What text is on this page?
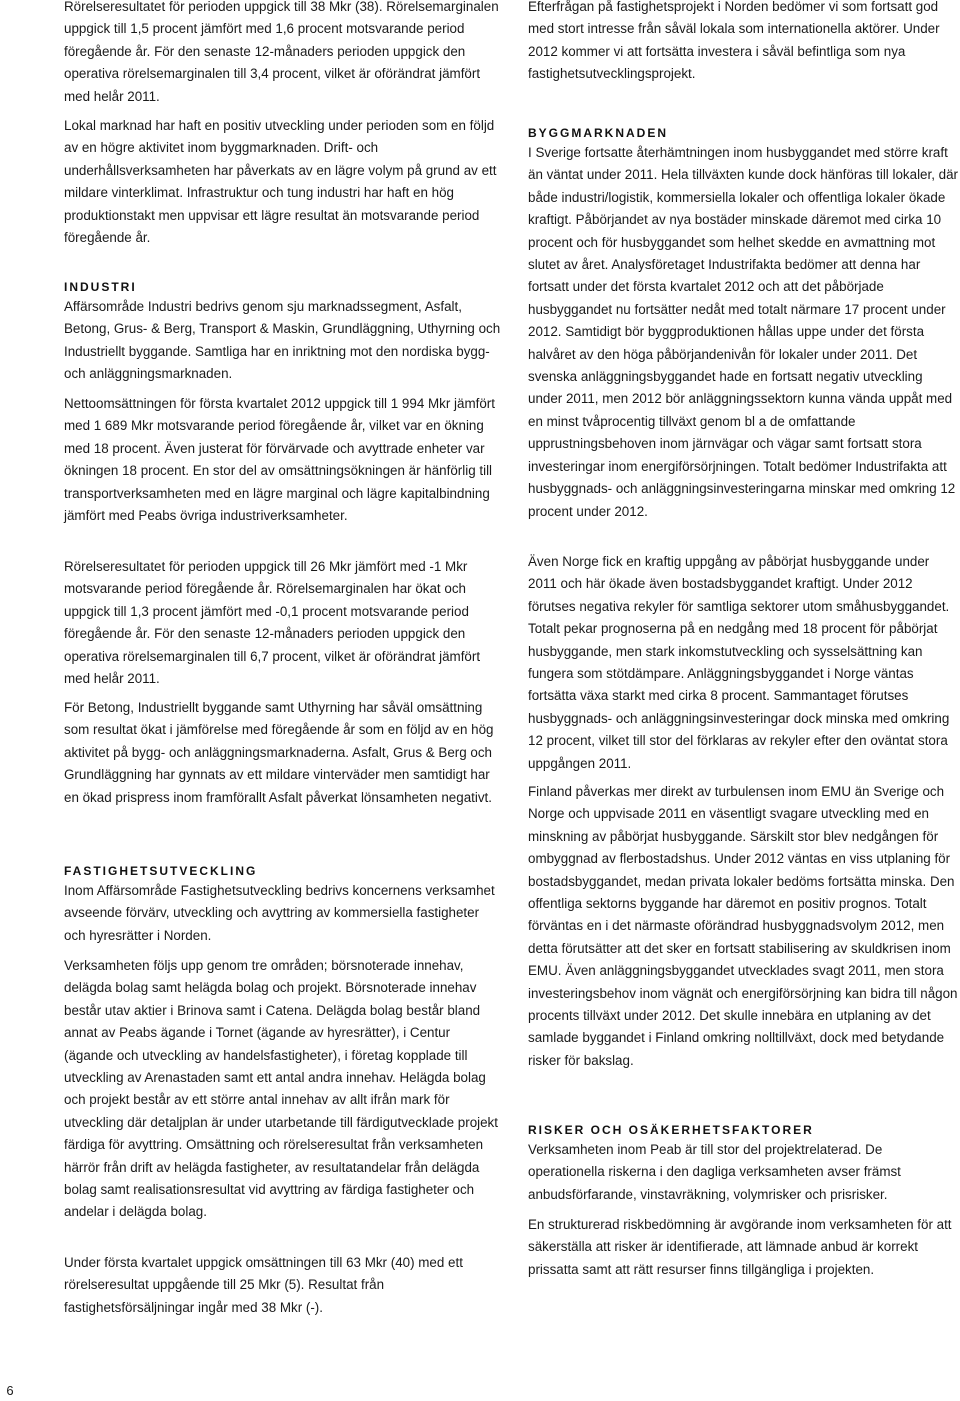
Rörelseresultatet för perioden uppgick till 38 Mkr (38). Rörelsemarginalen uppgick till 1,5 procent jämfört med 1,6 procent motsvarande period föregående år. För den senaste 12-månaders perioden uppgick den operativa rörelsemarginalen till 3,4 procent, vilket är oförändrat jämfört med helår 2011.

Lokal marknad har haft en positiv utveckling under perioden som en följd av en högre aktivitet inom byggmarknaden. Drift- och underhållsverksamheten har påverkats av en lägre volym på grund av ett mildare vinterklimat. Infrastruktur och tung industri har haft en hög produktionstakt men uppvisar ett lägre resultat än motsvarande period föregående år.

INDUSTRI

Affärsområde Industri bedrivs genom sju marknadssegment, Asfalt, Betong, Grus- & Berg, Transport & Maskin, Grundläggning, Uthyrning och Industriellt byggande. Samtliga har en inriktning mot den nordiska bygg- och anläggningsmarknaden.

Nettoomsättningen för första kvartalet 2012 uppgick till 1 994 Mkr jämfört med 1 689 Mkr motsvarande period föregående år, vilket var en ökning med 18 procent. Även justerat för förvärvade och avyttrade enheter var ökningen 18 procent. En stor del av omsättningsökningen är hänförlig till transportverksamheten med en lägre marginal och lägre kapitalbindning jämfört med Peabs övriga industriverksamheter.

Rörelseresultatet för perioden uppgick till 26 Mkr jämfört med -1 Mkr motsvarande period föregående år. Rörelsemarginalen har ökat och uppgick till 1,3 procent jämfört med -0,1 procent motsvarande period föregående år. För den senaste 12-månaders perioden uppgick den operativa rörelsemarginalen till 6,7 procent, vilket är oförändrat jämfört med helår 2011.

För Betong, Industriellt byggande samt Uthyrning har såväl omsättning som resultat ökat i jämförelse med föregående år som en följd av en hög aktivitet på bygg- och anläggningsmarknaderna. Asfalt, Grus & Berg och Grundläggning har gynnats av ett mildare vinterväder men samtidigt har en ökad prispress inom framförallt Asfalt påverkat lönsamheten negativt.

FASTIGHETSUTVECKLING

Inom Affärsområde Fastighetsutveckling bedrivs koncernens verksamhet avseende förvärv, utveckling och avyttring av kommersiella fastigheter och hyresrätter i Norden.

Verksamheten följs upp genom tre områden; börsnoterade innehav, delägda bolag samt helägda bolag och projekt. Börsnoterade innehav består utav aktier i Brinova samt i Catena. Delägda bolag består bland annat av Peabs ägande i Tornet (ägande av hyresrätter), i Centur (ägande och utveckling av handelsfastigheter), i företag kopplade till utveckling av Arenastaden samt ett antal andra innehav. Helägda bolag och projekt består av ett större antal innehav av allt ifrån mark för utveckling där detaljplan är under utarbetande till färdigutvecklade projekt färdiga för avyttring. Omsättning och rörelseresultat från verksamheten härrör från drift av helägda fastigheter, av resultatandelar från delägda bolag samt realisationsresultat vid avyttring av färdiga fastigheter och andelar i delägda bolag.

Under första kvartalet uppgick omsättningen till 63 Mkr (40) med ett rörelseresultat uppgående till 25 Mkr (5). Resultat från fastighetsförsäljningar ingår med 38 Mkr (-).

Efterfrågan på fastighetsprojekt i Norden bedömer vi som fortsatt god med stort intresse från såväl lokala som internationella aktörer. Under 2012 kommer vi att fortsätta investera i såväl befintliga som nya fastighetsutvecklingsprojekt.

BYGGMARKNADEN

I Sverige fortsatte återhämtningen inom husbyggandet med större kraft än väntat under 2011. Hela tillväxten kunde dock hänföras till lokaler, där både industri/logistik, kommersiella lokaler och offentliga lokaler ökade kraftigt. Påbörjandet av nya bostäder minskade däremot med cirka 10 procent och för husbyggandet som helhet skedde en avmattning mot slutet av året. Analysföretaget Industrifakta bedömer att denna har fortsatt under det första kvartalet 2012 och att det påbörjade husbyggandet nu fortsätter nedåt med totalt närmare 17 procent under 2012. Samtidigt bör byggproduktionen hållas uppe under det första halvåret av den höga påbörjandenivån för lokaler under 2011. Det svenska anläggningsbyggandet hade en fortsatt negativ utveckling under 2011, men 2012 bör anläggningssektorn kunna vända uppåt med en minst tvåprocentig tillväxt genom bl a de omfattande upprustningsbehoven inom järnvägar och vägar samt fortsatt stora investeringar inom energiförsörjningen. Totalt bedömer Industrifakta att husbyggnads- och anläggningsinvesteringarna minskar med omkring 12 procent under 2012.

Även Norge fick en kraftig uppgång av påbörjat husbyggande under 2011 och här ökade även bostadsbyggandet kraftigt. Under 2012 förutses negativa rekyler för samtliga sektorer utom småhusbyggandet. Totalt pekar prognoserna på en nedgång med 18 procent för påbörjat husbyggande, men stark inkomstutveckling och sysselsättning kan fungera som stötdämpare. Anläggningsbyggandet i Norge väntas fortsätta växa starkt med cirka 8 procent. Sammantaget förutses husbyggnads- och anläggningsinvesteringar dock minska med omkring 12 procent, vilket till stor del förklaras av rekyler efter den oväntat stora uppgången 2011.

Finland påverkas mer direkt av turbulensen inom EMU än Sverige och Norge och uppvisade 2011 en väsentligt svagare utveckling med en minskning av påbörjat husbyggande. Särskilt stor blev nedgången för ombyggnad av flerbostadshus. Under 2012 väntas en viss utplaning för bostadsbyggandet, medan privata lokaler bedöms fortsätta minska. Den offentliga sektorns byggande har däremot en positiv prognos. Totalt förväntas en i det närmaste oförändrad husbyggnadsvolym 2012, men detta förutsätter att det sker en fortsatt stabilisering av skuldkrisen inom EMU. Även anläggningsbyggandet utvecklades svagt 2011, men stora investeringsbehov inom vägnät och energiförsörjning kan bidra till någon procents tillväxt under 2012. Det skulle innebära en utplaning av det samlade byggandet i Finland omkring nolltillväxt, dock med betydande risker för bakslag.

RISKER OCH OSÄKERHETSFAKTORER

Verksamheten inom Peab är till stor del projektrelaterad. De operationella riskerna i den dagliga verksamheten avser främst anbudsförfarande, vinstavräkning, volymrisker och prisrisker.

En strukturerad riskbedömning är avgörande inom verksamheten för att säkerställa att risker är identifierade, att lämnade anbud är korrekt prissatta samt att rätt resurser finns tillgängliga i projekten.

6
